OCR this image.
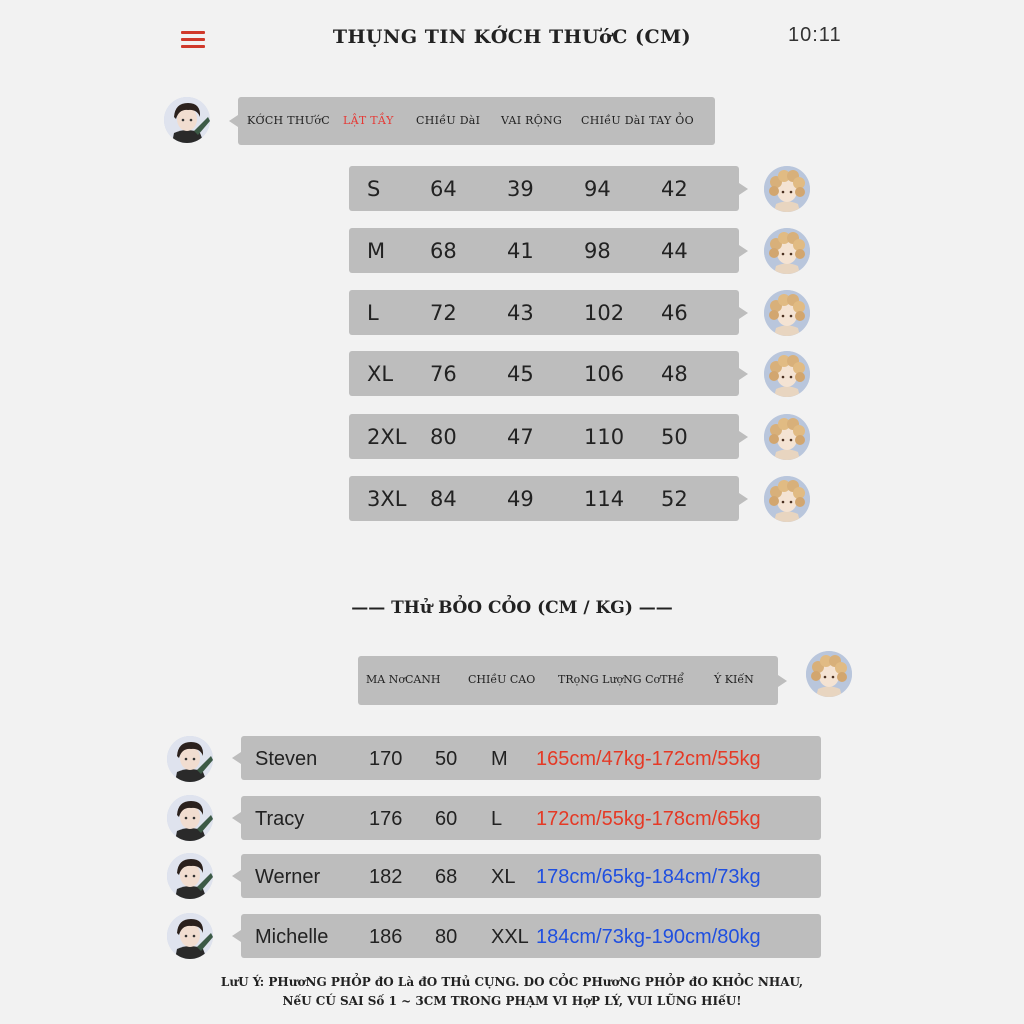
THỤNG TIN KỚCH THƯớC (CM)	10:11
KỚCH THƯớC LẬT TẦY CHIềU DàI VAI RỘNG CHIềU DàI TAY ỎO
S 64 39 94 42
M 68 41 98 44
L 72 43 102 46
XL 76 45 106 48
2XL 80 47 110 50
3XL 84 49 114 52
—— THử BỎO CỎO (CM / KG) ——
MA NơCANH CHIềU CAO TRọNG LượNG CơTHể	Ý KIếN
Steven	170 50 M 165cm/47kg-172cm/55kg
Tracy	176 60 L 172cm/55kg-178cm/65kg
Werner 182 68 XL 178cm/65kg-184cm/73kg
Michelle 186 80 XXL 184cm/73kg-190cm/80kg
LưU Ý: PHươNG PHỎP đO Là đO THủ CỤNG. DO CỎC PHươNG PHỎP đO KHỎC NHAU,
NếU CÚ SAI Số 1 ~ 3CM TRONG PHẠM VI HợP LÝ, VUI LŨNG HIếU!
